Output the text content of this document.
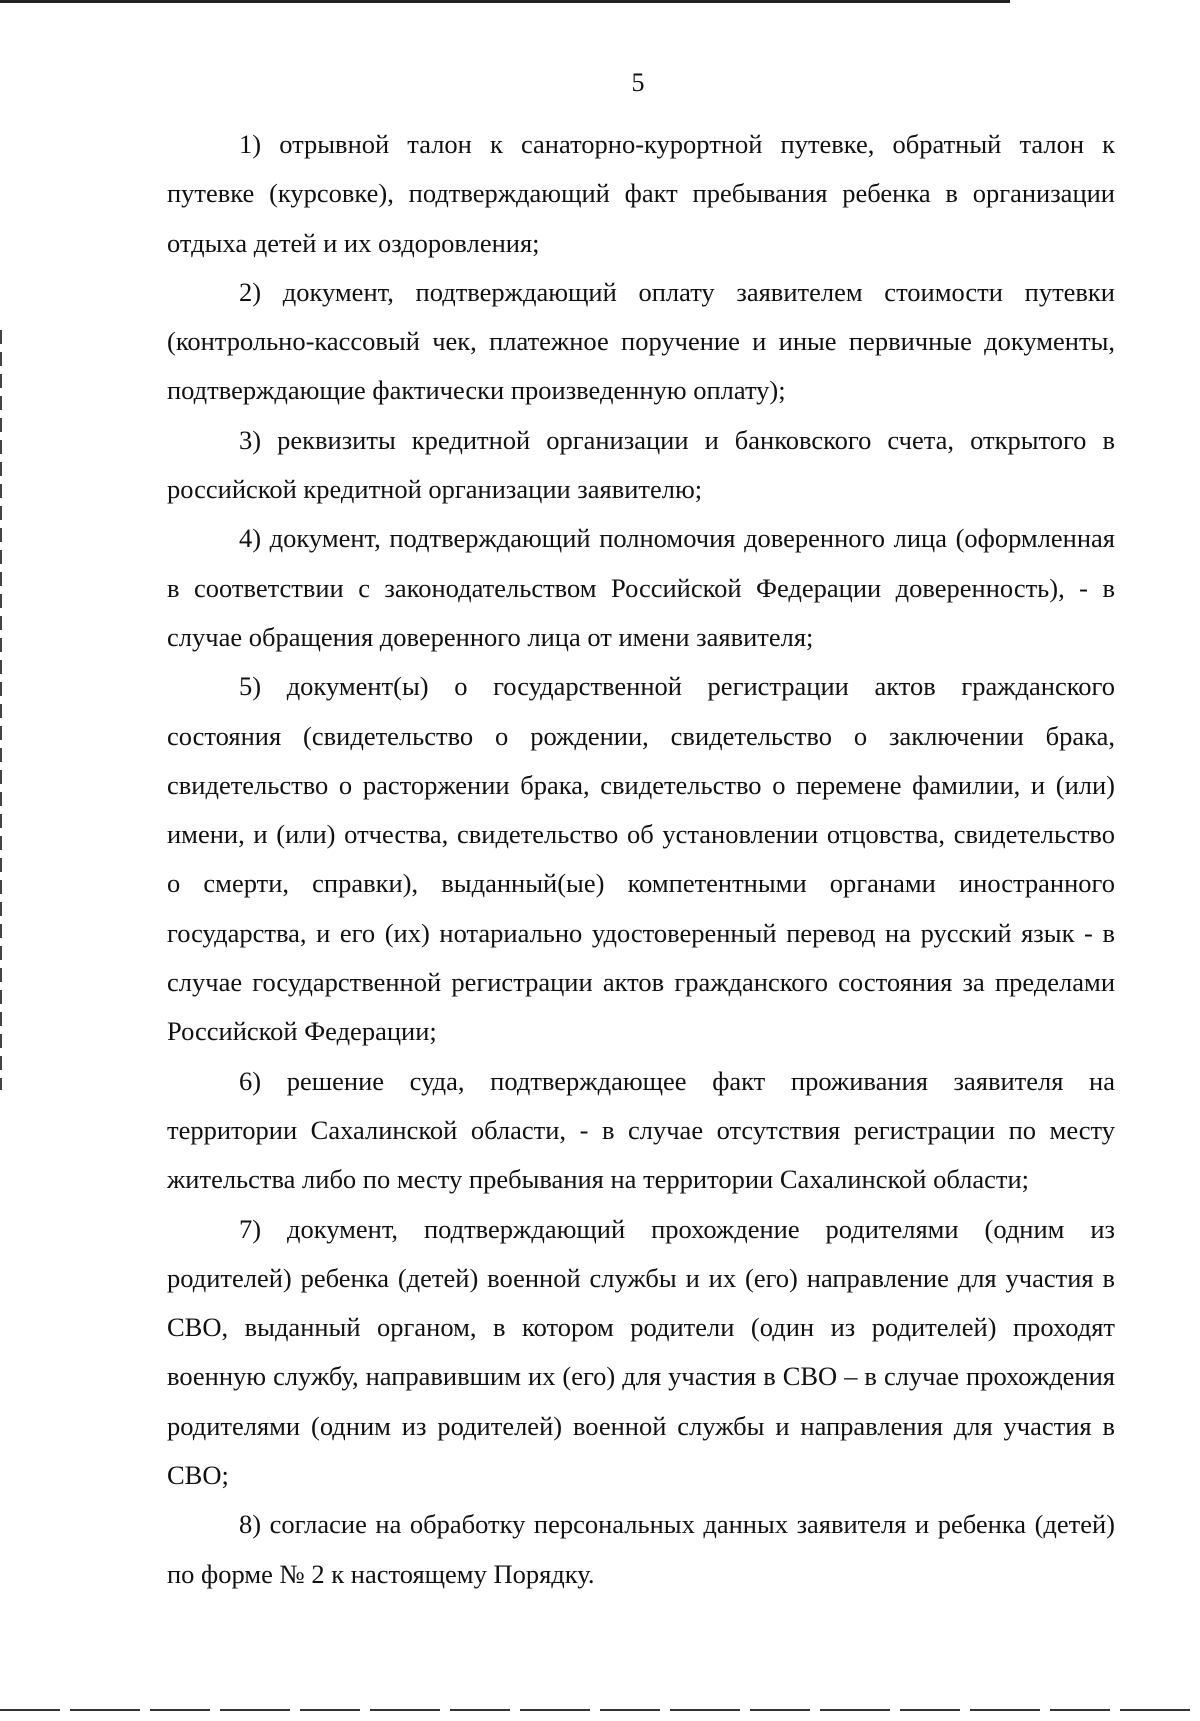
5

1) отрывной талон к санаторно-курортной путевке, обратный талон к путевке (курсовке), подтверждающий факт пребывания ребенка в организации отдыха детей и их оздоровления;

2) документ, подтверждающий оплату заявителем стоимости путевки (контрольно-кассовый чек, платежное поручение и иные первичные документы, подтверждающие фактически произведенную оплату);

3) реквизиты кредитной организации и банковского счета, открытого в российской кредитной организации заявителю;

4) документ, подтверждающий полномочия доверенного лица (оформленная в соответствии с законодательством Российской Федерации доверенность), - в случае обращения доверенного лица от имени заявителя;

5) документ(ы) о государственной регистрации актов гражданского состояния (свидетельство о рождении, свидетельство о заключении брака, свидетельство о расторжении брака, свидетельство о перемене фамилии, и (или) имени, и (или) отчества, свидетельство об установлении отцовства, свидетельство о смерти, справки), выданный(ые) компетентными органами иностранного государства, и его (их) нотариально удостоверенный перевод на русский язык - в случае государственной регистрации актов гражданского состояния за пределами Российской Федерации;

6) решение суда, подтверждающее факт проживания заявителя на территории Сахалинской области, - в случае отсутствия регистрации по месту жительства либо по месту пребывания на территории Сахалинской области;

7) документ, подтверждающий прохождение родителями (одним из родителей) ребенка (детей) военной службы и их (его) направление для участия в СВО, выданный органом, в котором родители (один из родителей) проходят военную службу, направившим их (его) для участия в СВО – в случае прохождения родителями (одним из родителей) военной службы и направления для участия в СВО;

8) согласие на обработку персональных данных заявителя и ребенка (детей) по форме № 2 к настоящему Порядку.
